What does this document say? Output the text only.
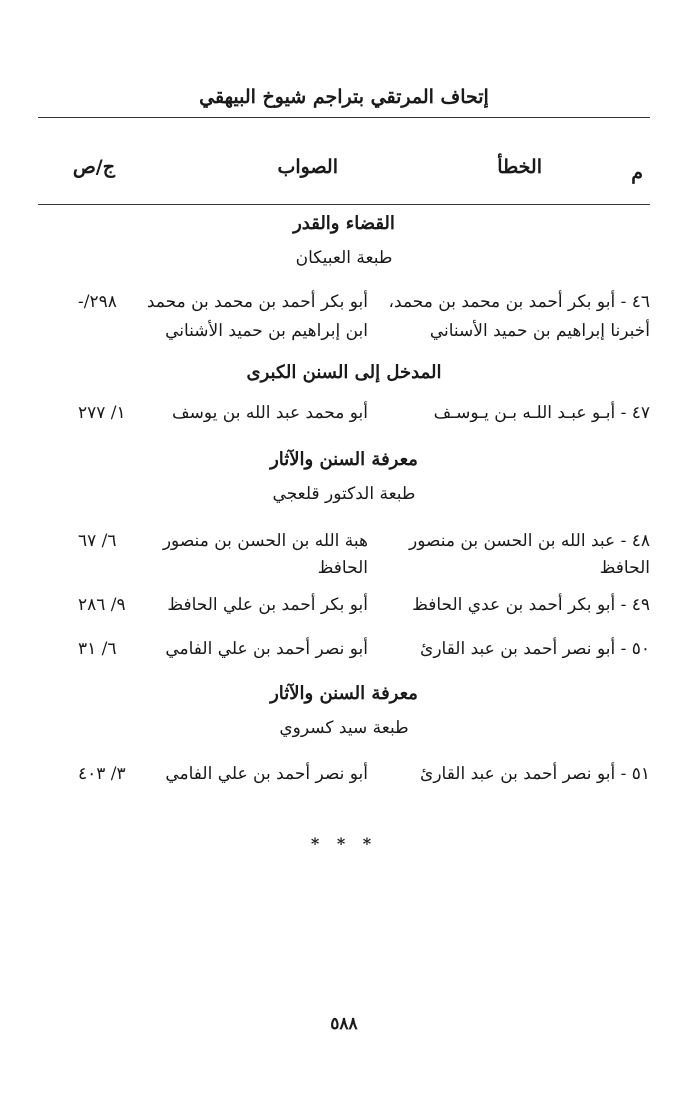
إتحاف المرتقي بتراجم شيوخ البيهقي
م
الخطأ
الصواب
ج/ص
القضاء والقدر
طبعة العبيكان
٤٦ - أبو بكر أحمد بن محمد بن محمد،
أخبرنا إبراهيم بن حميد الأسناني
أبو بكر أحمد بن محمد بن محمد
ابن إبراهيم بن حميد الأشناني
-/٢٩٨
المدخل إلى السنن الكبرى
٤٧ - أبـو عبـد اللـه بـن يـوسـف
أبو محمد عبد الله بن يوسف
١/ ٢٧٧
معرفة السنن والآثار
طبعة الدكتور قلعجي
٤٨ - عبد الله بن الحسن بن منصور
الحافظ
هبة الله بن الحسن بن منصور
الحافظ
٦/ ٦٧
٤٩ - أبو بكر أحمد بن عدي الحافظ
أبو بكر أحمد بن علي الحافظ
٩/ ٢٨٦
٥٠ - أبو نصر أحمد بن عبد القارئ
أبو نصر أحمد بن علي الفامي
٦/ ٣١
معرفة السنن والآثار
طبعة سيد كسروي
٥١ - أبو نصر أحمد بن عبد القارئ
أبو نصر أحمد بن علي الفامي
٣/ ٤٠٣
* * *
٥٨٨
